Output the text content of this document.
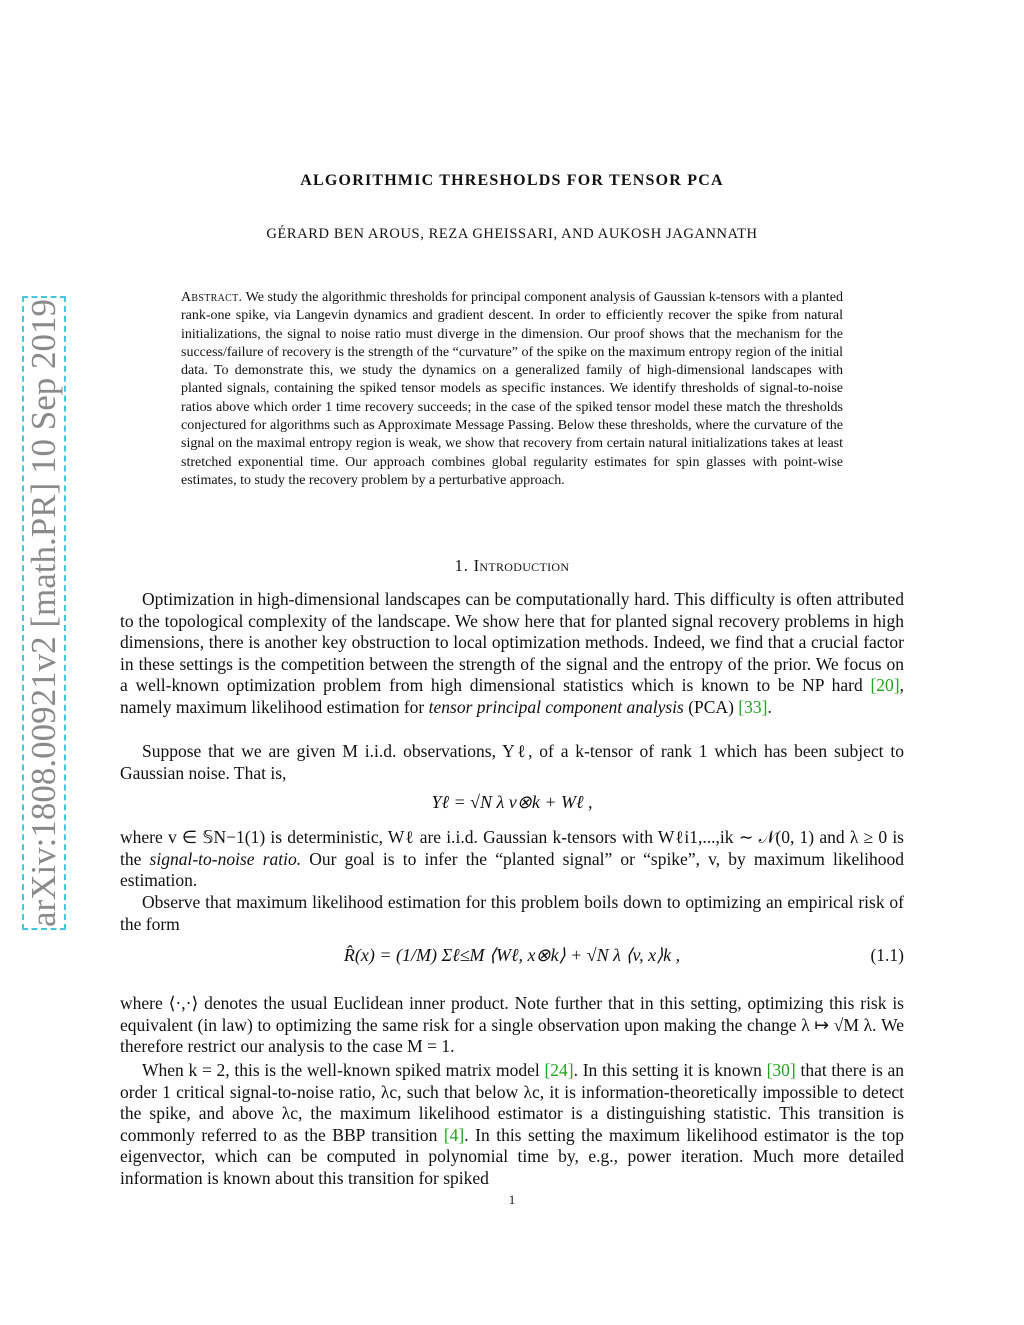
arXiv:1808.00921v2 [math.PR] 10 Sep 2019
ALGORITHMIC THRESHOLDS FOR TENSOR PCA
GÉRARD BEN AROUS, REZA GHEISSARI, AND AUKOSH JAGANNATH
Abstract. We study the algorithmic thresholds for principal component analysis of Gaussian k-tensors with a planted rank-one spike, via Langevin dynamics and gradient descent. In order to efficiently recover the spike from natural initializations, the signal to noise ratio must diverge in the dimension. Our proof shows that the mechanism for the success/failure of recovery is the strength of the “curvature” of the spike on the maximum entropy region of the initial data. To demonstrate this, we study the dynamics on a generalized family of high-dimensional landscapes with planted signals, containing the spiked tensor models as specific instances. We identify thresholds of signal-to-noise ratios above which order 1 time recovery succeeds; in the case of the spiked tensor model these match the thresholds conjectured for algorithms such as Approximate Message Passing. Below these thresholds, where the curvature of the signal on the maximal entropy region is weak, we show that recovery from certain natural initializations takes at least stretched exponential time. Our approach combines global regularity estimates for spin glasses with point-wise estimates, to study the recovery problem by a perturbative approach.
1. Introduction

Optimization in high-dimensional landscapes can be computationally hard. This difficulty is often attributed to the topological complexity of the landscape. We show here that for planted signal recovery problems in high dimensions, there is another key obstruction to local optimization methods. Indeed, we find that a crucial factor in these settings is the competition between the strength of the signal and the entropy of the prior. We focus on a well-known optimization problem from high dimensional statistics which is known to be NP hard [20], namely maximum likelihood estimation for tensor principal component analysis (PCA) [33].

Suppose that we are given M i.i.d. observations, Yℓ, of a k-tensor of rank 1 which has been subject to Gaussian noise. That is,

Yℓ = √N λ v⊗k + Wℓ ,

where v ∈ 𝕊N−1(1) is deterministic, Wℓ are i.i.d. Gaussian k-tensors with Wℓi1,...,ik ∼ 𝒩(0, 1) and λ ≥ 0 is the signal-to-noise ratio. Our goal is to infer the “planted signal” or “spike”, v, by maximum likelihood estimation.

Observe that maximum likelihood estimation for this problem boils down to optimizing an empirical risk of the form

R̂(x) = (1/M) Σℓ≤M ⟨Wℓ, x⊗k⟩ + √N λ ⟨v, x⟩k ,	(1.1)

where ⟨·,·⟩ denotes the usual Euclidean inner product. Note further that in this setting, optimizing this risk is equivalent (in law) to optimizing the same risk for a single observation upon making the change λ ↦ √M λ. We therefore restrict our analysis to the case M = 1.

When k = 2, this is the well-known spiked matrix model [24]. In this setting it is known [30] that there is an order 1 critical signal-to-noise ratio, λc, such that below λc, it is information-theoretically impossible to detect the spike, and above λc, the maximum likelihood estimator is a distinguishing statistic. This transition is commonly referred to as the BBP transition [4]. In this setting the maximum likelihood estimator is the top eigenvector, which can be computed in polynomial time by, e.g., power iteration. Much more detailed information is known about this transition for spiked

1
